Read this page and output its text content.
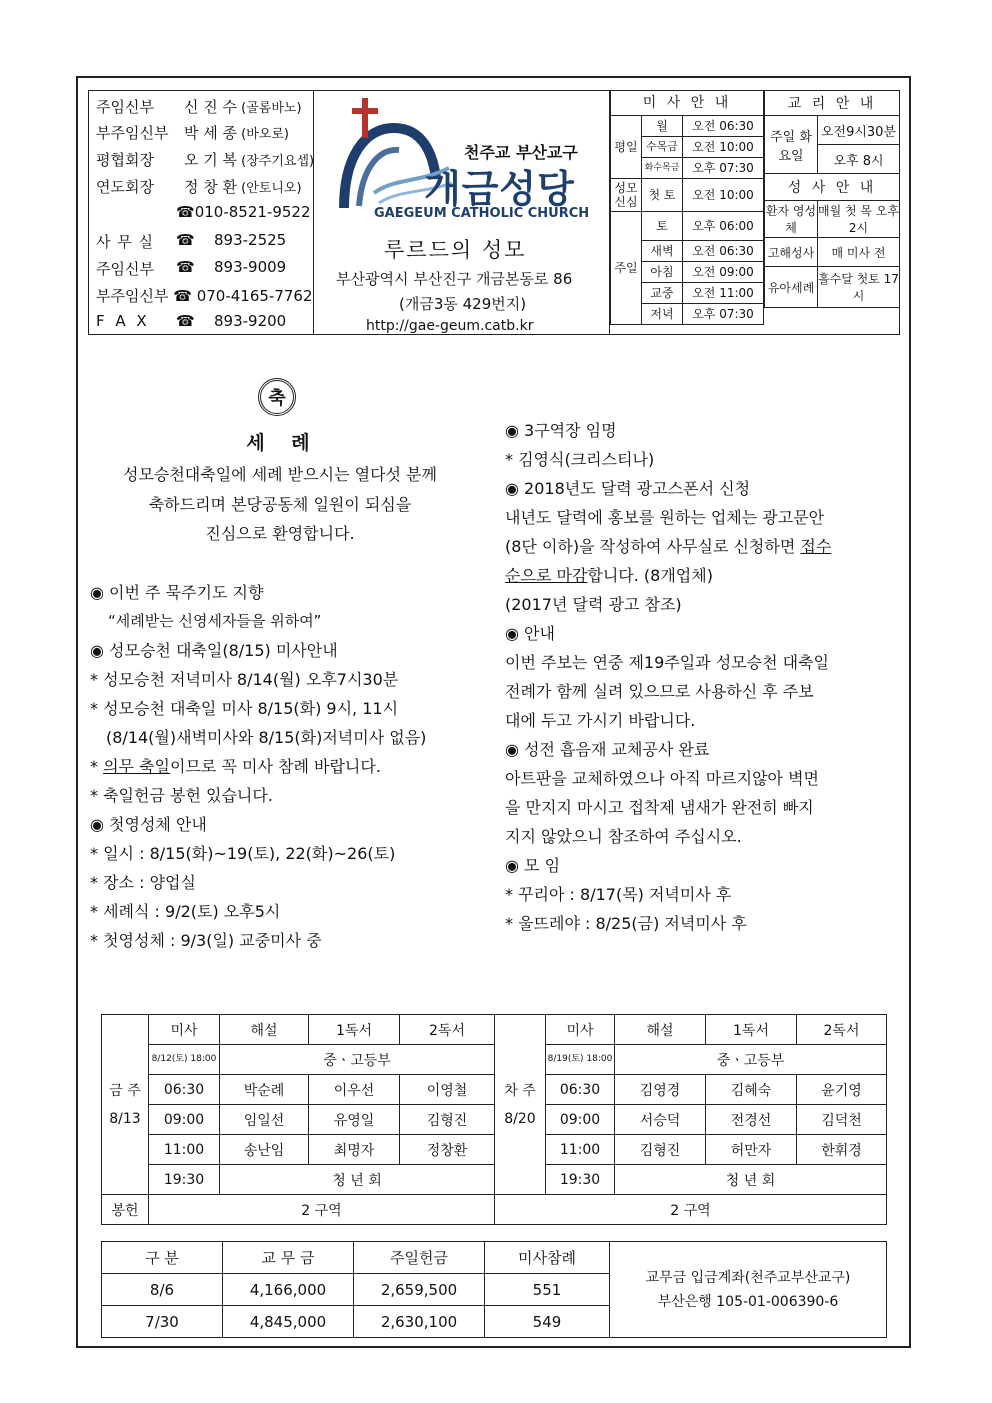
주임신부 신 진 수 (골롬바노)
부주임신부 박 세 종 (바오로)
평협회장 오 기 복 (장주기요셉)
연도회장 정 창 환 (안토니오)
☎010-8521-9522
사 무 실 ☎ 893-2525
주임신부 ☎ 893-9009
부주임신부 ☎ 070-4165-7762
F A X ☎ 893-9200
천주교 부산교구
개금성당
GAEGEUM CATHOLIC CHURCH
루르드의 성모
부산광역시 부산진구 개금본동로 86
(개금3동 429번지)
http://gae-geum.catb.kr
미 사 안 내		
평일	월	오전 06:30
	수목금	오전 10:00
	화수목금	오후 07:30
성모신심	첫 토	오전 10:00
주일	토	오후 06:00
	새벽	오전 06:30
	아침	오전 09:00
	교중	오전 11:00
	저녁	오후 07:30
교 리 안 내	
주일 화요일	오전9시30분
	오후 8시
성 사 안 내	
환자 영성체	매월 첫 목 오후 2시
고해성사	매 미사 전
유아세례	홀수달 첫토 17시
축
세 례
성모승천대축일에 세례 받으시는 열다섯 분께
축하드리며 본당공동체 일원이 되심을
진심으로 환영합니다.
◉ 이번 주 묵주기도 지향
“세례받는 신영세자들을 위하여”
◉ 성모승천 대축일(8/15) 미사안내
* 성모승천 저녁미사 8/14(월) 오후7시30분
* 성모승천 대축일 미사 8/15(화) 9시, 11시
(8/14(월)새벽미사와 8/15(화)저녁미사 없음)
* 의무 축일이므로 꼭 미사 참례 바랍니다.
* 축일헌금 봉헌 있습니다.
◉ 첫영성체 안내
* 일시 : 8/15(화)~19(토), 22(화)~26(토)
* 장소 : 양업실
* 세례식 : 9/2(토) 오후5시
* 첫영성체 : 9/3(일) 교중미사 중
◉ 3구역장 임명
* 김영식(크리스티나)
◉ 2018년도 달력 광고스폰서 신청
내년도 달력에 홍보를 원하는 업체는 광고문안
(8단 이하)을 작성하여 사무실로 신청하면 접수
순으로 마감합니다. (8개업체)
(2017년 달력 광고 참조)
◉ 안내
이번 주보는 연중 제19주일과 성모승천 대축일
전례가 함께 실려 있으므로 사용하신 후 주보
대에 두고 가시기 바랍니다.
◉ 성전 흡음재 교체공사 완료
아트판을 교체하였으나 아직 마르지않아 벽면
을 만지지 마시고 접착제 냄새가 완전히 빠지
지지 않았으니 참조하여 주십시오.
◉ 모 임
* 꾸리아 : 8/17(목) 저녁미사 후
* 울뜨레야 : 8/25(금) 저녁미사 후
금 주 8/13	미사	해설	1독서	2독서	차 주 8/20	미사	해설	1독서	2독서
	8/12(토) 18:00	중ㆍ고등부				8/19(토) 18:00	중ㆍ고등부		
	06:30	박순례	이우선	이영철		06:30	김영경	김혜숙	윤기영
	09:00	임일선	유영일	김형진		09:00	서승덕	전경선	김덕천
	11:00	송난임	최명자	정창환		11:00	김형진	허만자	한휘경
	19:30	청 년 회				19:30	청 년 회		
봉헌	2 구역				2 구역				
구 분	교 무 금	주일헌금	미사참례	교무금 입금계좌(천주교부산교구)
부산은행 105-01-006390-6

8/6	4,166,000	2,659,500	551	
7/30	4,845,000	2,630,100	549	
